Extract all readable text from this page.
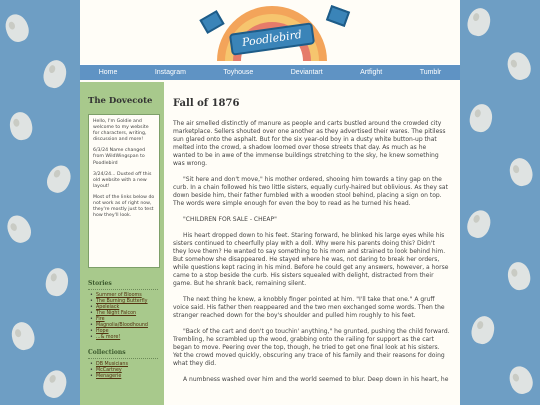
Poodlebird
Home	Instagram	Toyhouse	Deviantart	Artfight	Tumblr
The Dovecote

Hello, I'm Goldie and welcome to my website for characters, writing, discussion and more!

6/3/24 Name changed from WildWingspan to Poodlebird

3/24/24... Dusted off this old website with a new layout!

Most of the links below do not work as of right now, they're mostly just to test how they'll look.

Stories
• Summer of Blooms
• The Burning Butterfly
• Apeleiack
• The Night Falcon
• Fire
• Magnolia/Bloodhound
• Hope
• ...& more!
Collections
• DB Musicians
• McCartney
• Menagerie
Fall of 1876

The air smelled distinctly of manure as people and carts bustled around the crowded city marketplace. Sellers shouted over one another as they advertised their wares. The pitiless sun glared onto the asphalt. But for the six year-old boy in a dusty white button-up that melted into the crowd, a shadow loomed over those streets that day. As much as he wanted to be in awe of the immense buildings stretching to the sky, he knew something was wrong.

"Sit here and don't move," his mother ordered, shooing him towards a tiny gap on the curb. In a chain followed his two little sisters, equally curly-haired but oblivious. As they sat down beside him, their father fumbled with a wooden stool behind, placing a sign on top. The words were simple enough for even the boy to read as he turned his head.

"CHILDREN FOR SALE - CHEAP"

His heart dropped down to his feet. Staring forward, he blinked his large eyes while his sisters continued to cheerfully play with a doll. Why were his parents doing this? Didn't they love them? He wanted to say something to his mom and strained to look behind him. But somehow she disappeared. He stayed where he was, not daring to break her orders, while questions kept racing in his mind. Before he could get any answers, however, a horse came to a stop beside the curb. His sisters squealed with delight, distracted from their game. But he shrank back, remaining silent.

The next thing he knew, a knobbly finger pointed at him. "I'll take that one." A gruff voice said. His father then reappeared and the two men exchanged some words. Then the stranger reached down for the boy's shoulder and pulled him roughly to his feet.

"Back of the cart and don't go touchin' anything," he grunted, pushing the child forward. Trembling, he scrambled up the wood, grabbing onto the railing for support as the cart began to move. Peering over the top, though, he tried to get one final look at his sisters. Yet the crowd moved quickly, obscuring any trace of his family and their reasons for doing what they did.

A numbness washed over him and the world seemed to blur. Deep down in his heart, he
